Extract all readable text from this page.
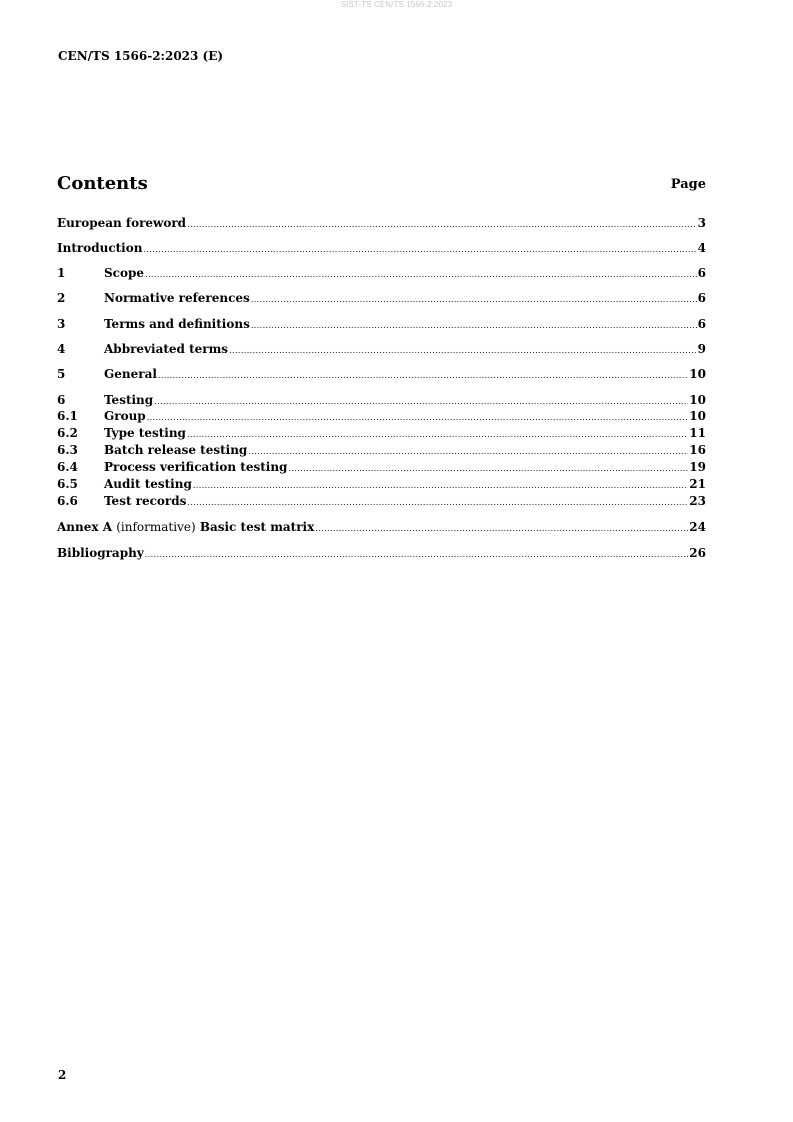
SIST-TS CEN/TS 1566-2:2023
CEN/TS 1566-2:2023 (E)
Contents	Page
European foreword .....	3
Introduction .....	4
1	Scope .....	6
2	Normative references .....	6
3	Terms and definitions .....	6
4	Abbreviated terms .....	9
5	General .....	10
6	Testing .....	10
6.1	Group .....	10
6.2	Type testing .....	11
6.3	Batch release testing .....	16
6.4	Process verification testing .....	19
6.5	Audit testing .....	21
6.6	Test records .....	23
Annex A (informative) Basic test matrix .....	24
Bibliography .....	26
2
